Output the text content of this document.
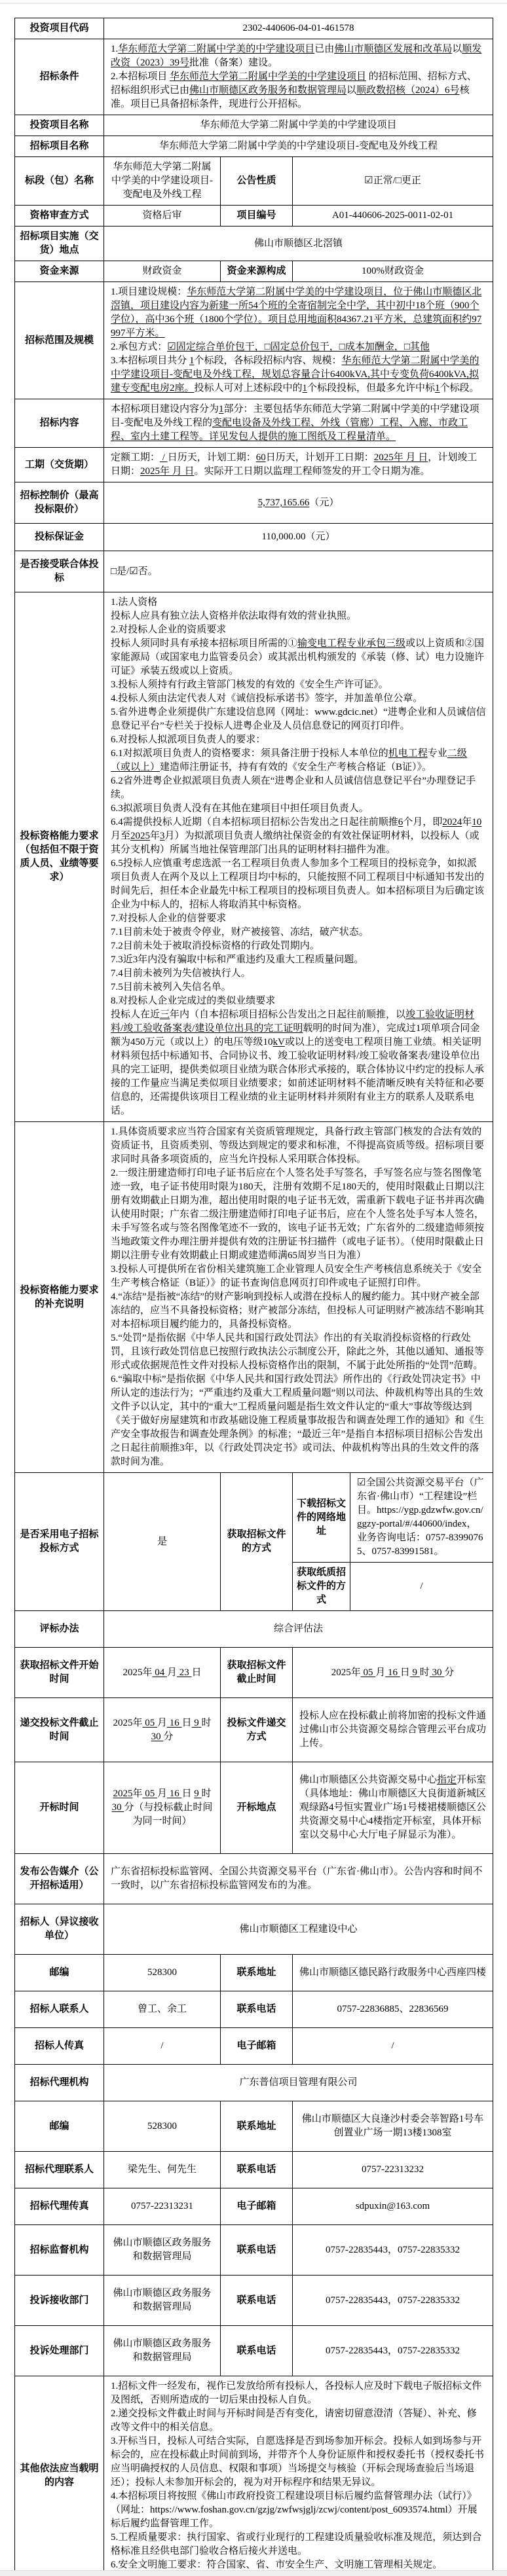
投资项目代码	2302-440606-04-01-461578			
招标条件	1.华东师范大学第二附属中学美的中学建设项目已由佛山市顺德区发展和改革局以顺发改资（2023）39号批准（备案）建设。
2.本招标项目 华东师范大学第二附属中学美的中学建设项目 的招标范围、招标方式、招标组织形式已由佛山市顺德区政务服务和数据管理局以顺政数招核（2024）6号核准。项目已具备招标条件，现进行公开招标。			

投资项目名称	华东师范大学第二附属中学美的中学建设项目			
招标项目名称	华东师范大学第二附属中学美的中学建设项目-变配电及外线工程			
标段（包）名称	华东师范大学第二附属中学美的中学建设项目-变配电及外线工程	公告性质	☑正常/□更正	
资格审查方式	资格后审	项目编号	A01-440606-2025-0011-02-01	
招标项目实施（交货）地点	佛山市顺德区北滘镇			
资金来源	财政资金	资金来源构成	100%财政资金	
招标范围及规模	1.项目建设规模：华东师范大学第二附属中学美的中学建设项目，位于佛山市顺德区北滘镇，项目建设内容为新建一所54个班的全寄宿制完全中学，其中初中18个班（900个学位），高中36个班（1800个学位）。项目总用地面积84367.21平方米，总建筑面积约97997平方米。
2.承包方式：☑固定综合单价包干，□固定总价包干，□成本加酬金，□其他
3.本招标项目共分 1个标段，各标段招标内容、规模：华东师范大学第二附属中学美的中学建设项目-变配电及外线工程，规划总容量合计6400kVA,其中专变负荷6400kVA,拟建专变配电房2座。投标人可对上述标段中的1个标段投标，但最多允许中标1个标段。			

招标内容	本招标项目建设内容分为1部分：主要包括华东师范大学第二附属中学美的中学建设项目-变配电及外线工程的变配电设备及外线工程、外线（管廊）工程、入廊、市政工程、室内土建工程等。详见发包人提供的施工图纸及工程量清单。			

工期（交货期）	定额工期： / 日历天，计划工期：60日历天，计划开工日期：2025年 月 日，计划竣工日期：2025年 月 日。实际开工日期以监理工程师签发的开工令日期为准。			

招标控制价（最高投标限价）	5,737,165.66（元）			

投标保证金	110,000.00（元）			
是否接受联合体投标	□是/☑否。			
投标资格能力要求（包括但不限于资质人员、业绩等要求）	
1.法人资格
投标人应具有独立法人资格并依法取得有效的营业执照。
2.对投标人企业的资质要求
投标人须同时具有承接本招标项目所需的①输变电工程专业承包三级或以上资质和②国家能源局（或国家电力监管委员会）或其派出机构颁发的《承装（修、试）电力设施许可证》承装五级或以上资质。
3.投标人须持有行政主管部门核发的有效的《安全生产许可证》。
4.投标人须由法定代表人对《诚信投标承诺书》签字，并加盖单位公章。
5.省外进粤企业须提供广东建设信息网（网址：www.gdcic.net）“进粤企业和人员诚信信息登记平台”专栏关于投标人进粤企业及人员信息登记的网页打印件。
6.对投标人拟派项目负责人的要求：
6.1对拟派项目负责人的资格要求：须具备注册于投标人本单位的机电工程专业二级（或以上）建造师注册证书，持有有效的《安全生产考核合格证（B证）》。
6.2省外进粤企业拟派项目负责人须在“进粤企业和人员诚信信息登记平台”办理登记手续。
6.3拟派项目负责人没有在其他在建项目中担任项目负责人。
6.4需提供投标人近期（自本招标项目招标公告发出之日起往前顺推6个月，即2024年10月至2025年3月）为拟派项目负责人缴纳社保资金的有效社保证明材料，以投标人（或其分支机构）所属当地社保管理部门出具的证明材料扫描件为准。
6.5投标人应慎重考虑选派一名工程项目负责人参加多个工程项目的投标竞争，如拟派项目负责人在两个及以上工程项目均中标的，只能按照不同工程项目中标通知书发出的时间先后，担任本企业最先中标工程项目的投标项目负责人。如本招标项目为后确定该企业为中标人的，招标人将取消其中标资格。
7.对投标人企业的信誉要求
7.1目前未处于被责令停业，财产被接管、冻结，破产状态。
7.2目前未处于被取消投标资格的行政处罚期内。
7.3近3年内没有骗取中标和严重违约及重大工程质量问题。
7.4目前未被列为失信被执行人。
7.5目前未被列入失信名单。
8.对投标人企业完成过的类似业绩要求
投标人在近三年内（自本招标项目招标公告发出之日起往前顺推，以竣工验收证明材料/竣工验收备案表/建设单位出具的完工证明载明的时间为准），完成过1项单项合同金额为450万元（或以上）的电压等级10kV或以上的送变电工程项目施工业绩。相关证明材料须包括中标通知书、合同协议书、竣工验收证明材料/竣工验收备案表/建设单位出具的完工证明，提供类似项目业绩为联合体形式承接的，联合体协议中约定的投标人承接的工作量应当满足类似项目业绩要求；如前述证明材料不能清晰反映有关特征和必要信息的，还需提供该项目工程业绩的业主证明材料并须附有业主方的联系人及联系电话。

投标资格能力要求的补充说明	
1.具体资质要求应当符合国家有关资质管理规定，具备行政主管部门核发的合法有效的资质证书，且资质类别、等级达到规定的要求和标准，不得提高资质等级。招标项目要求同时具备多项资质的，应当允许投标人采用联合体投标。
2.一级注册建造师打印电子证书后应在个人签名处手写签名，手写签名应与签名图像笔迹一致，电子证书使用时限为180天，注册有效期不足180天的，使用时限截止日期以注册有效期截止日期为准，超出使用时限的电子证书无效，需重新下载电子证书并再次确认使用时限；广东省二级注册建造师打印电子证书后，应在个人签名处手写本人签名，未手写签名或与签名图像笔迹不一致的，该电子证书无效；广东省外的二级建造师须按当地政策文件办理注册并提供有效的注册证书扫描件（或电子证书）。（使用时限截止日期以注册专业有效期截止日期或建造师满65周岁当日为准）
3.投标人可提供所在省份相关建筑施工企业管理人员安全生产考核信息系统关于《安全生产考核合格证（B证）》的证书查询信息网页打印件或电子证照打印件。
4.“冻结”是指被“冻结”的财产影响到投标人或潜在投标人的履约能力。其中财产被全部冻结的，应当不具备投标资格；财产被部分冻结，但投标人可证明财产被冻结不影响其对本招标项目履约能力的，具备投标资格。
5.“处罚”是指依据《中华人民共和国行政处罚法》作出的有关取消投标资格的行政处罚，且该行政处罚信息已按照行政执法公示制度公开，除此之外，其他以通知、通报等形式或依据规范性文件对投标人投标资格作出的限制，不属于此处所指的“处罚”范畴。
6.“骗取中标”是指依据《中华人民共和国行政处罚法》所作出的《行政处罚决定书》中所认定的违法行为；“严重违约及重大工程质量问题”则以司法、仲裁机构等出具的生效文件予以认定，其中的“重大”工程质量问题是指生效文件认定的“重大”事故等级达到《关于做好房屋建筑和市政基础设施工程质量事故报告和调查处理工作的通知》和《生产安全事故报告和调查处理条例》的标准；“最近三年”是指自本招标项目招标公告发出之日起往前顺推3年，以《行政处罚决定书》或司法、仲裁机构等出具的生效文件的落款时间为准。

是否采用电子招标投标方式	是	获取招标文件的方式	下载招标文件的网络地址	☑全国公共资源交易平台（广东省·佛山市）“工程建设”栏目。https://ygp.gdzwfw.gov.cn/ggzy-portal/#/440600/index，业务咨询电话：0757-83990765、0757-83991581。

			获取纸质招标文件的方式	/
评标办法	综合评估法			
获取招标文件开始时间	2025年 04 月 23 日	获取招标文件截止时间	2025年 05 月 16 日 9 时 30 分	

递交投标文件截止时间	2025年 05 月 16 日 9 时 30 分	投标文件递交方式	投标人应在投标截止前将加密的投标文件通过佛山市公共资源交易综合管理云平台成功上传。	

开标时间	2025年 05 月 16 日 9 时 30 分（与投标截止时间为同一时间）	开标地点	佛山市顺德区公共资源交易中心指定开标室（具体地址：佛山市顺德区大良街道新城区观绿路4号恒实置业广场1号楼裙楼顺德区公共资源交易中心4楼指定开标室，具体开标室以交易中心大厅电子屏显示为准）。	

发布公告媒介（公开招标适用）	广东省招标投标监管网、全国公共资源交易平台（广东省·佛山市）。公告内容和时间不一致时，以广东省招标投标监管网发布的为准。			

招标人（异议接收单位）	佛山市顺德区工程建设中心			
邮编	528300	联系地址	佛山市顺德区德民路行政服务中心西座四楼	
招标人联系人	曾工、余工	联系电话	0757-22836885、22836569	
招标人传真	/	电子邮箱	/	
招标代理机构	广东普信项目管理有限公司			
邮编	528300	联系地址	佛山市顺德区大良逢沙村委会莘智路1号车创置业广场一期13楼1308室	
招标代理联系人	梁先生、何先生	联系电话	0757-22313232	
招标代理传真	0757-22313231	电子邮箱	sdpuxin@163.com	
招标监督机构	佛山市顺德区政务服务和数据管理局	联系电话	0757-22835443，0757-22835332	
投诉接收部门	佛山市顺德区政务服务和数据管理局	联系电话	0757-22835443，0757-22835332	
投诉处理部门	佛山市顺德区政务服务和数据管理局	联系电话	0757-22835443，0757-22835332	
其他依法应当载明的内容	
1.招标文件一经发布，视作已发放给所有投标人，各投标人应及时下载电子版招标文件及图纸，否则所造成的一切后果由投标人自负。
2.递交投标文件截止时间与开标时间是否有变化，请密切留意澄清（答疑）、补充、修改等文件中的相关信息。
3.开标当日，投标人可结合实际，自愿选择是否到场参加开标会。投标人如到场参与开标会的，应在投标截止时间前到场，并带齐个人身份证原件和授权委托书（授权委托书应当明确授权的人员信息、权限和事项）当场提交与核验（开标会现场查验后当场退还）；投标人未参加开标会的，视为对开标程序和结果无异议。
4.本招标项目将按照《佛山市政府投资工程建设项目标后履约监督管理办法（试行）》（网址：https://www.foshan.gov.cn/gzjg/zwfwsjglj/zcwj/content/post_6093574.html）开展标后履约监督管理工作。
5.工程质量要求：执行国家、省或行业现行的工程建设质量验收标准及规范，须达到合格标准且经供电部门验收合格后接火并送电。
6.安全文明施工要求：符合国家、省、市安全生产、文明施工管理相关规定。
